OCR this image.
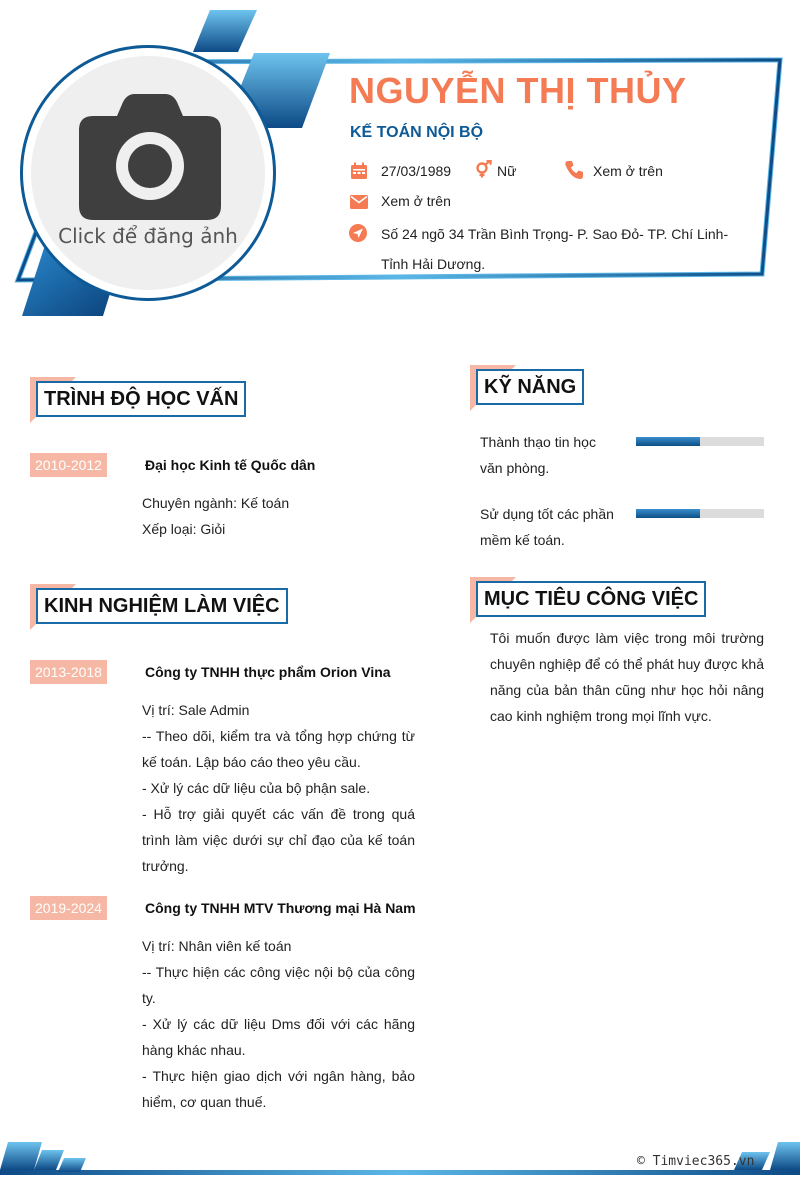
Click để đăng ảnh
NGUYỄN THỊ THỦY
KẾ TOÁN NỘI BỘ
27/03/1989	Nữ	Xem ở trên
Xem ở trên
Số 24 ngõ 34 Trần Bình Trọng- P. Sao Đỏ- TP. Chí Linh-
Tỉnh Hải Dương.
TRÌNH ĐỘ HỌC VẤN
2010-2012	Đại học Kinh tế Quốc dân
Chuyên ngành: Kế toán
Xếp loại: Giỏi
KINH NGHIỆM LÀM VIỆC
2013-2018	Công ty TNHH thực phẩm Orion Vina
Vị trí: Sale Admin
-- Theo dõi, kiểm tra và tổng hợp chứng từ kế toán. Lập báo cáo theo yêu cầu.
- Xử lý các dữ liệu của bộ phận sale.
- Hỗ trợ giải quyết các vấn đề trong quá trình làm việc dưới sự chỉ đạo của kế toán trưởng.
2019-2024	Công ty TNHH MTV Thương mại Hà Nam
Vị trí: Nhân viên kế toán
-- Thực hiện các công việc nội bộ của công ty.
- Xử lý các dữ liệu Dms đối với các hãng hàng khác nhau.
- Thực hiện giao dịch với ngân hàng, bảo hiểm, cơ quan thuế.
KỸ NĂNG
Thành thạo tin học văn phòng.
Sử dụng tốt các phần mềm kế toán.
MỤC TIÊU CÔNG VIỆC
Tôi muốn được làm việc trong môi trường chuyên nghiệp để có thể phát huy được khả năng của bản thân cũng như học hỏi nâng cao kinh nghiệm trong mọi lĩnh vực.
© Timviec365.vn
